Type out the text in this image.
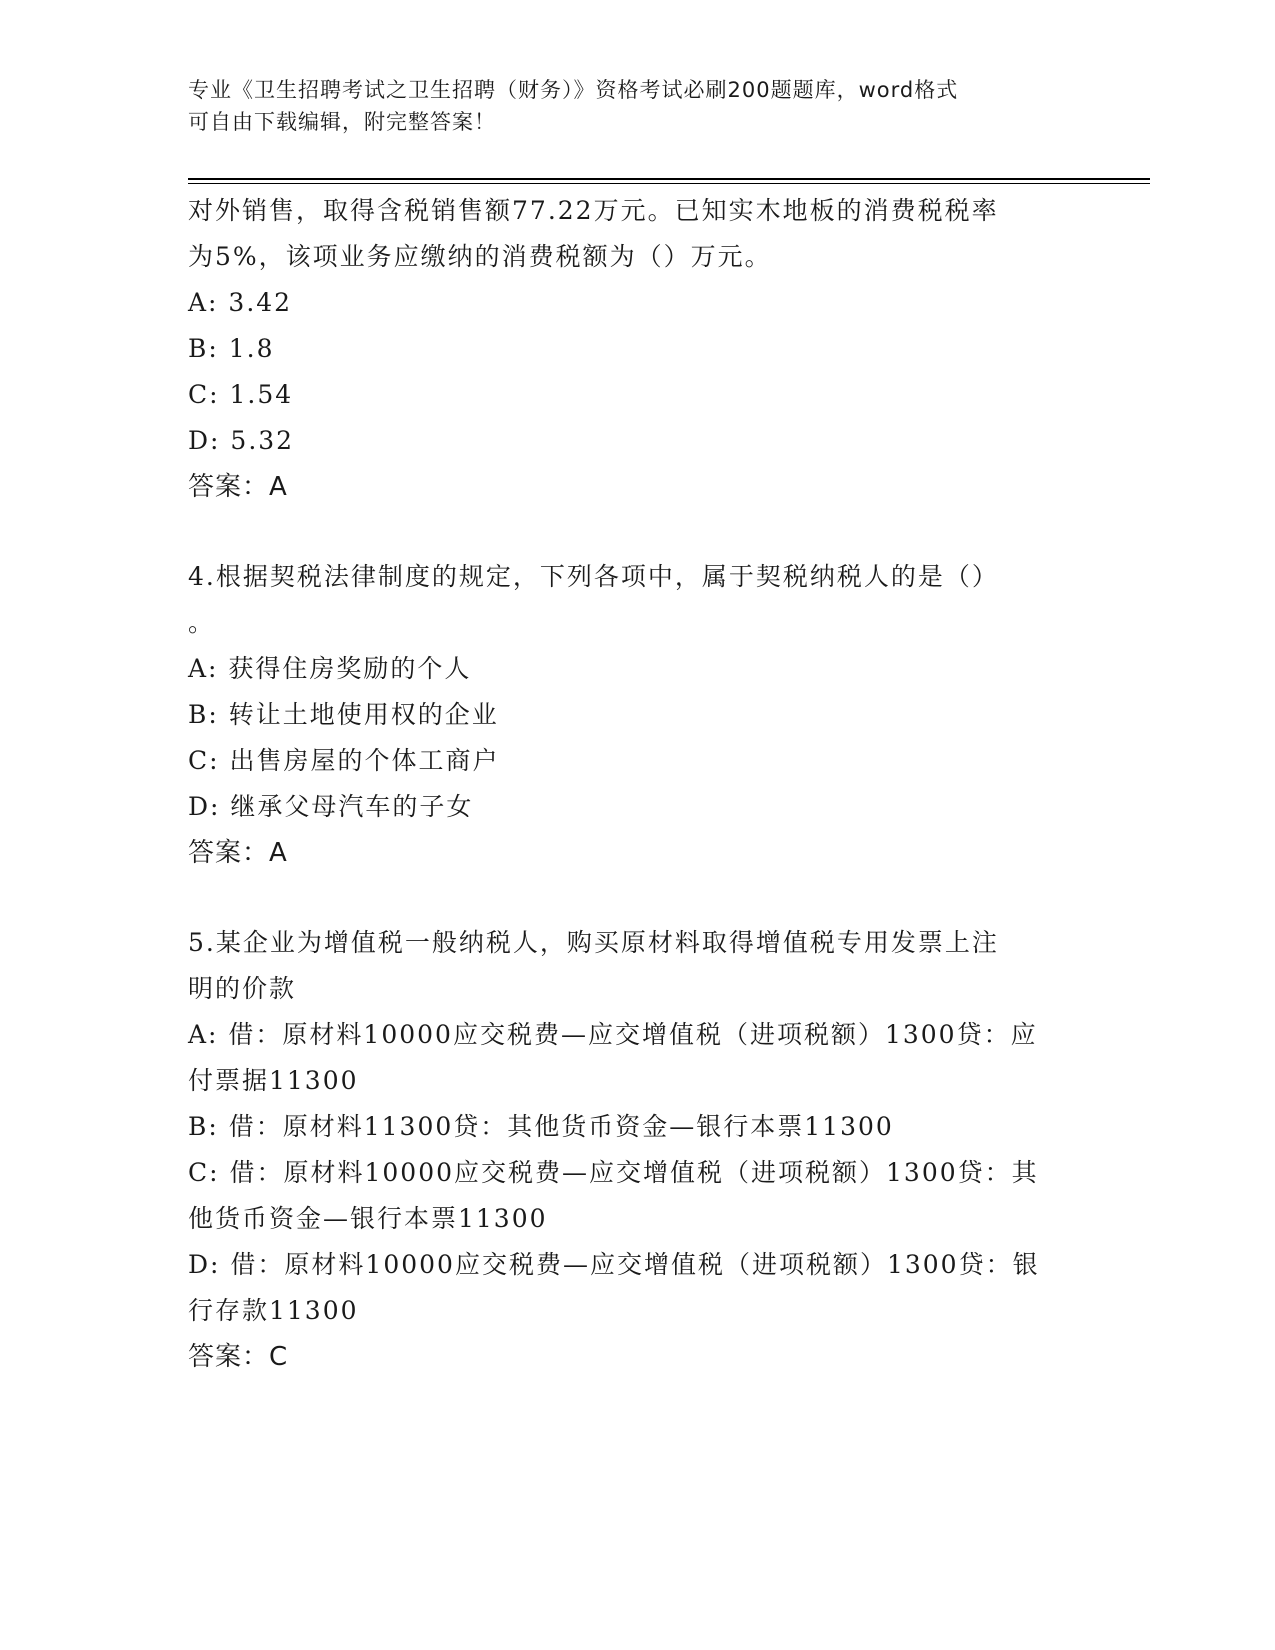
专业《卫生招聘考试之卫生招聘（财务）》资格考试必刷200题题库，word格式
可自由下载编辑，附完整答案！
对外销售，取得含税销售额77.22万元。已知实木地板的消费税税率
为5%，该项业务应缴纳的消费税额为（）万元。
A: 3.42
B: 1.8
C: 1.54
D: 5.32
答案：A
4.根据契税法律制度的规定，下列各项中，属于契税纳税人的是（）
。
A: 获得住房奖励的个人
B: 转让土地使用权的企业
C: 出售房屋的个体工商户
D: 继承父母汽车的子女
答案：A
5.某企业为增值税一般纳税人，购买原材料取得增值税专用发票上注
明的价款
A: 借：原材料10000应交税费—应交增值税（进项税额）1300贷：应
付票据11300
B: 借：原材料11300贷：其他货币资金—银行本票11300
C: 借：原材料10000应交税费—应交增值税（进项税额）1300贷：其
他货币资金—银行本票11300
D: 借：原材料10000应交税费—应交增值税（进项税额）1300贷：银
行存款11300
答案：C
